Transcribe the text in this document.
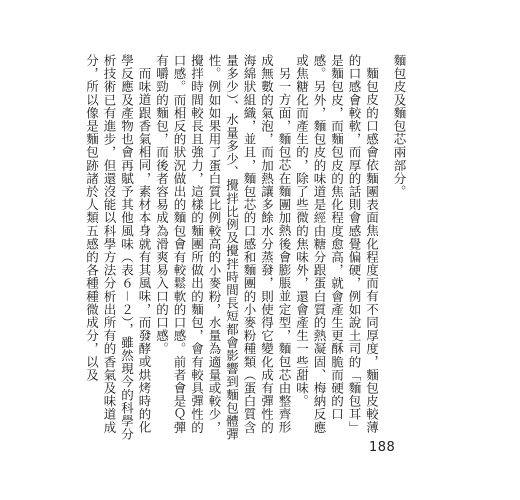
麵包皮及麵包芯兩部分。

麵包皮的口感會依麵團表面焦化程度而有不同厚度，麵包皮較薄的口感會較軟，而厚的話則會感覺偏硬，例如說土司的「麵包耳」是麵包皮，而麵包皮的焦化程度愈高，就會產生更酥脆而硬的口感。另外，麵包皮的味道是經由糖分跟蛋白質的熱凝固、梅納反應或焦糖化而產生的，除了些微的焦味外，還會產生一些甜味。

另一方面，麵包芯在麵團加熱後會膨脹並定型，麵包芯由整齊形成無數的氣泡，而加熱讓多餘水分蒸發，則使得它變化成有彈性的海綿狀組織，並且，麵包芯的口感和麵團的小麥粉種類（蛋白質含量多少）、水量多少、攪拌比例及攪拌時間長短都會影響到麵包體彈性。例如如果用了蛋白質比例較高的小麥粉，水量為適量或較少，攪拌時間較長且強力，這樣的麵團所做出的麵包，會有較具彈性的口感。而相反的狀況做出的麵包會有較鬆軟的口感。前者會是Ｑ彈有嚼勁的麵包，而後者容易成為滑爽易入口的口感。

而味道跟香氣相同，素材本身就有其風味，而發酵或烘烤時的化學反應及產物也會再賦予其他風味（表６－２），雖然現今的科學分析技術已有進步，但還沒能以科學方法分析出所有的香氣及味道成分，所以像是麵包跡諸於人類五感的各種種微成分，以及

188
